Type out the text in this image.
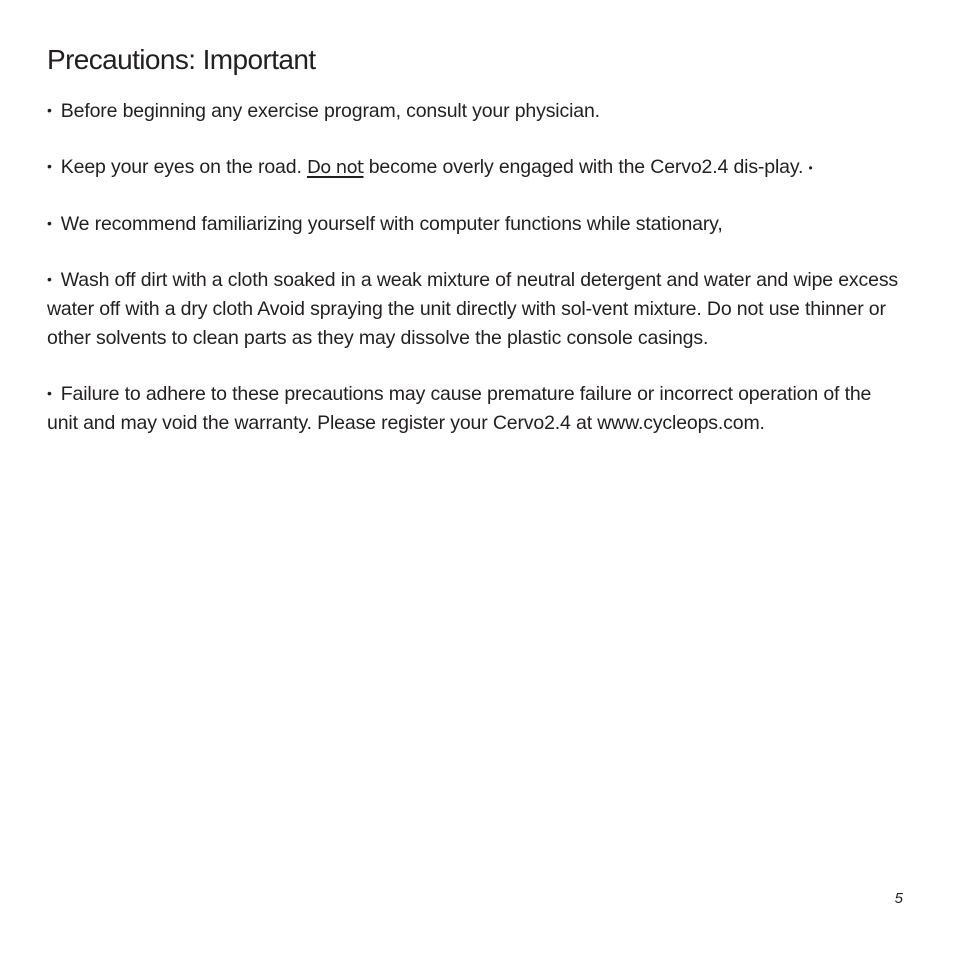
Precautions: Important

• Before beginning any exercise program, consult your physician.

• Keep your eyes on the road. Do not become overly engaged with the Cervo2.4 dis-play. •

• We recommend familiarizing yourself with computer functions while stationary,

• Wash off dirt with a cloth soaked in a weak mixture of neutral detergent and water and wipe excess water off with a dry cloth Avoid spraying the unit directly with sol-vent mixture. Do not use thinner or other solvents to clean parts as they may dissolve the plastic console casings.

• Failure to adhere to these precautions may cause premature failure or incorrect operation of the unit and may void the warranty. Please register your Cervo2.4 at www.cycleops.com.

5
